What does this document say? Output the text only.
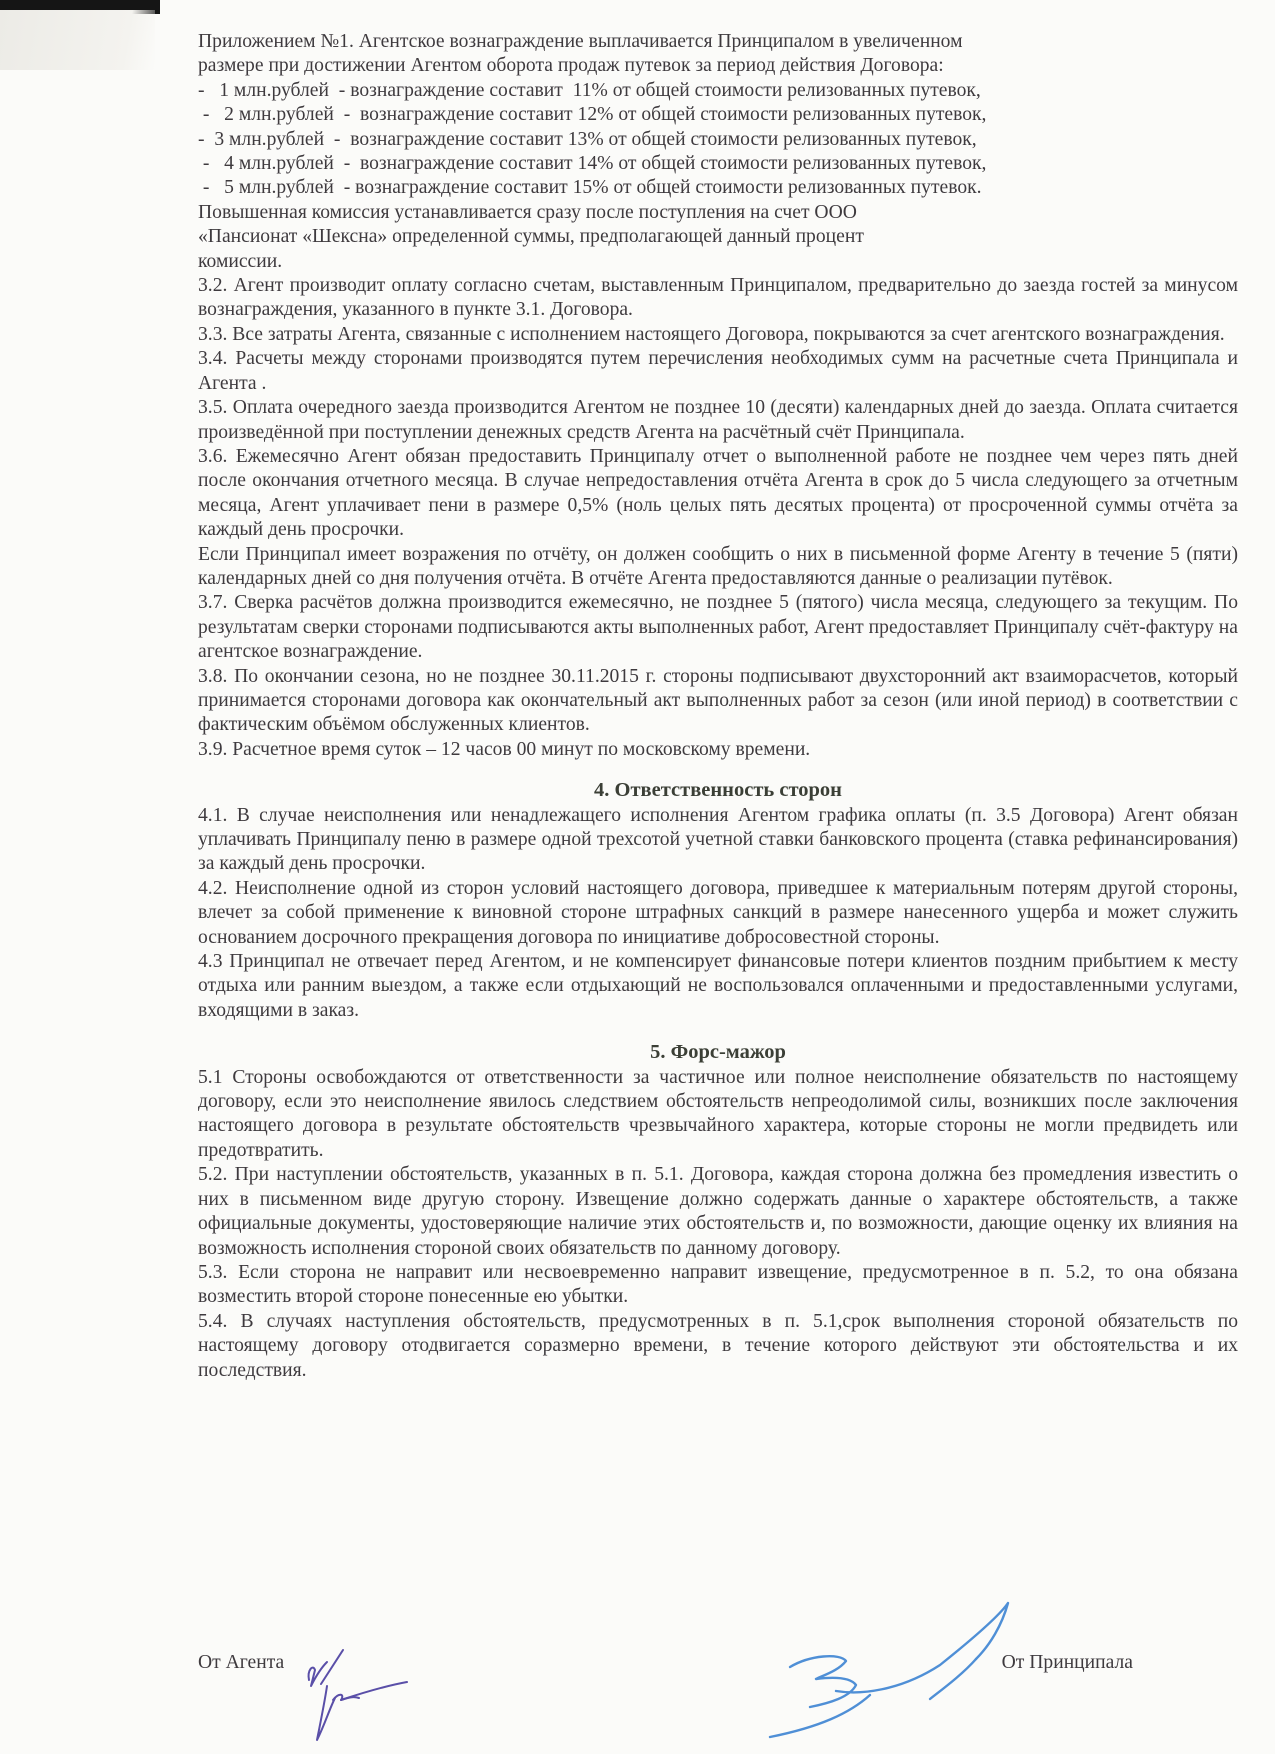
Приложением №1. Агентское вознаграждение выплачивается Принципалом в увеличенном

размере при достижении Агентом оборота продаж путевок за период действия Договора:

-   1 млн.рублей  - вознаграждение составит  11% от общей стоимости релизованных путевок,

-   2 млн.рублей  -  вознаграждение составит 12% от общей стоимости релизованных путевок,

-  3 млн.рублей  -  вознаграждение составит 13% от общей стоимости релизованных путевок,

-   4 млн.рублей  -  вознаграждение составит 14% от общей стоимости релизованных путевок,

-   5 млн.рублей  - вознаграждение составит 15% от общей стоимости релизованных путевок.

Повышенная комиссия устанавливается сразу после поступления на счет ООО

«Пансионат «Шексна» определенной суммы, предполагающей данный процент

комиссии.

3.2. Агент производит оплату согласно счетам, выставленным Принципалом, предварительно до заезда гостей за минусом вознаграждения, указанного в пункте 3.1. Договора.

3.3. Все затраты Агента, связанные с исполнением настоящего Договора, покрываются за счет агентского вознаграждения.

3.4. Расчеты между сторонами производятся путем перечисления необходимых сумм на расчетные счета Принципала и Агента .

3.5. Оплата очередного заезда производится Агентом не позднее 10 (десяти) календарных дней до заезда. Оплата считается произведённой при поступлении денежных средств Агента на расчётный счёт Принципала.

3.6. Ежемесячно Агент обязан предоставить Принципалу отчет о выполненной работе не позднее чем через пять дней после окончания отчетного месяца. В случае непредоставления отчёта Агента в срок до 5 числа следующего за отчетным месяца, Агент уплачивает пени в размере 0,5% (ноль целых пять десятых процента) от просроченной суммы отчёта за каждый день просрочки.

Если Принципал имеет возражения по отчёту, он должен сообщить о них в письменной форме Агенту в течение 5 (пяти) календарных дней со дня получения отчёта. В отчёте Агента предоставляются данные о реализации путёвок.

3.7. Сверка расчётов должна производится ежемесячно, не позднее 5 (пятого) числа месяца, следующего за текущим. По результатам сверки сторонами подписываются акты выполненных работ, Агент предоставляет Принципалу счёт-фактуру на агентское вознаграждение.

3.8. По окончании сезона, но не позднее 30.11.2015 г. стороны подписывают двухсторонний акт взаиморасчетов, который принимается сторонами договора как окончательный акт выполненных работ за сезон (или иной период) в соответствии с фактическим объёмом обслуженных клиентов.

3.9. Расчетное время суток – 12 часов 00 минут по московскому времени.

4. Ответственность сторон

4.1. В случае неисполнения или ненадлежащего исполнения Агентом графика оплаты (п. 3.5 Договора) Агент обязан уплачивать Принципалу пеню в размере одной трехсотой учетной ставки банковского процента (ставка рефинансирования) за каждый день просрочки.

4.2. Неисполнение одной из сторон условий настоящего договора, приведшее к материальным потерям другой стороны, влечет за собой применение к виновной стороне штрафных санкций в размере нанесенного ущерба и может служить основанием досрочного прекращения договора по инициативе добросовестной стороны.

4.3 Принципал не отвечает перед Агентом, и не компенсирует финансовые потери клиентов поздним прибытием к месту отдыха или ранним выездом, а также если отдыхающий не воспользовался оплаченными и предоставленными услугами, входящими в заказ.

5. Форс-мажор

5.1 Стороны освобождаются от ответственности за частичное или полное неисполнение обязательств по настоящему договору, если это неисполнение явилось следствием обстоятельств непреодолимой силы, возникших после заключения настоящего договора в результате обстоятельств чрезвычайного характера, которые стороны не могли предвидеть или предотвратить.

5.2. При наступлении обстоятельств, указанных в п. 5.1. Договора, каждая сторона должна без промедления известить о них в письменном виде другую сторону. Извещение должно содержать данные о характере обстоятельств, а также официальные документы, удостоверяющие наличие этих обстоятельств и, по возможности, дающие оценку их влияния на возможность исполнения стороной своих обязательств по данному договору.

5.3. Если сторона не направит или несвоевременно направит извещение, предусмотренное в п. 5.2, то она обязана возместить второй стороне понесенные ею убытки.

5.4. В случаях наступления обстоятельств, предусмотренных в п. 5.1,срок выполнения стороной обязательств по настоящему договору отодвигается соразмерно времени, в течение которого действуют эти обстоятельства и их последствия.

От Агента	От Принципала
